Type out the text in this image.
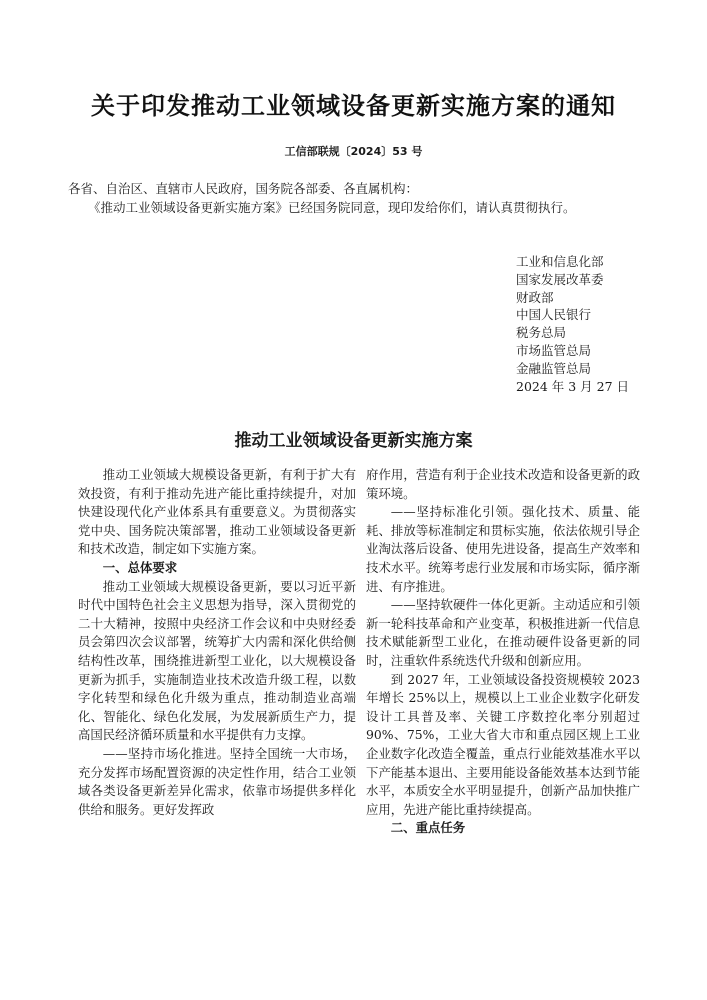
关于印发推动工业领域设备更新实施方案的通知
工信部联规〔2024〕53 号
各省、自治区、直辖市人民政府，国务院各部委、各直属机构：
《推动工业领域设备更新实施方案》已经国务院同意，现印发给你们，请认真贯彻执行。
工业和信息化部
国家发展改革委
财政部
中国人民银行
税务总局
市场监管总局
金融监管总局
2024 年 3 月 27 日
推动工业领域设备更新实施方案

推动工业领域大规模设备更新，有利于扩大有效投资，有利于推动先进产能比重持续提升，对加快建设现代化产业体系具有重要意义。为贯彻落实党中央、国务院决策部署，推动工业领域设备更新和技术改造，制定如下实施方案。

一、总体要求

推动工业领域大规模设备更新，要以习近平新时代中国特色社会主义思想为指导，深入贯彻党的二十大精神，按照中央经济工作会议和中央财经委员会第四次会议部署，统筹扩大内需和深化供给侧结构性改革，围绕推进新型工业化，以大规模设备更新为抓手，实施制造业技术改造升级工程，以数字化转型和绿色化升级为重点，推动制造业高端化、智能化、绿色化发展，为发展新质生产力，提高国民经济循环质量和水平提供有力支撑。

——坚持市场化推进。坚持全国统一大市场，充分发挥市场配置资源的决定性作用，结合工业领域各类设备更新差异化需求，依靠市场提供多样化供给和服务。更好发挥政

府作用，营造有利于企业技术改造和设备更新的政策环境。

——坚持标准化引领。强化技术、质量、能耗、排放等标准制定和贯标实施，依法依规引导企业淘汰落后设备、使用先进设备，提高生产效率和技术水平。统筹考虑行业发展和市场实际，循序渐进、有序推进。

——坚持软硬件一体化更新。主动适应和引领新一轮科技革命和产业变革，积极推进新一代信息技术赋能新型工业化，在推动硬件设备更新的同时，注重软件系统迭代升级和创新应用。

到 2027 年，工业领域设备投资规模较 2023 年增长 25%以上，规模以上工业企业数字化研发设计工具普及率、关键工序数控化率分别超过 90%、75%，工业大省大市和重点园区规上工业企业数字化改造全覆盖，重点行业能效基准水平以下产能基本退出、主要用能设备能效基本达到节能水平，本质安全水平明显提升，创新产品加快推广应用，先进产能比重持续提高。

二、重点任务
